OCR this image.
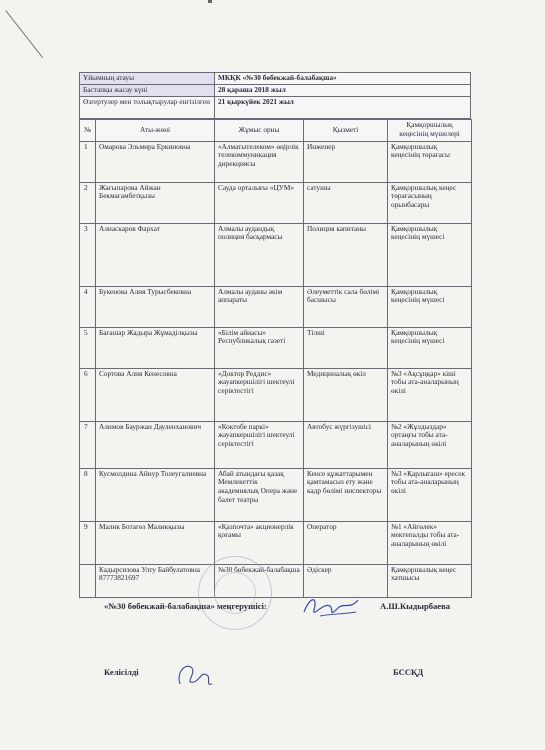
Ұйымның атауы	МКҚК «№30 бөбекжай-балабақша»
Бастапқы жасау күні	28 қараша 2018 жыл
Өзгертулер мен толықтырулар енгізілген	21 қыркүйек 2021 жыл
№	Аты-жөні	Жұмыс орны	Қызметі	Қамқоршылық кеңесінің мүшелері
1	Омарова Эльмира Еркиновна	«Алматытелеком» өңірлік телекоммуникация дирекциясы	Инженер	Қамқоршылық кеңесінің төрағасы
2	Жағыпарова Айжан Бекмағамбетқызы	Сауда орталығы «ЦУМ»	сатушы	Қамқоршылық кеңес төрағасының орынбасары
3	Алиаскаров Фархат	Алмалы аудандық полиция басқармасы	Полиция капитаны	Қамқоршылық кеңесінің мүшесі
4	Букенова Алия Турысбековна	Алмалы ауданы әкім аппараты	Әлеуметтік сала бөлімі басшысы	Қамқоршылық кеңесінің мүшесі
5	Бағашар Жадыра Жұмаділқызы	«Білім айнасы» Республикалық газеті	Тілші	Қамқоршылық кеңесінің мүшесі
6	Сортова Алия Кенесовна	«Доктор Реддис» жауапкершілігі шектеулі серіктестігі	Медициналық өкіл	№3 «Ақсұңқар» кіші тобы ата-аналарының өкілі
7	Алимов Бауржан Дауленханович	«Коктобе паркі» жауапкершілігі шектеулі серіктестігі	Автобус жүргізушісі	№2 «Жұлдыздар» ортаңғы тобы ата-аналарының өкілі
8	Кусмолдина Айнур Толеугалиевна	Абай атындағы қазақ Мемлекеттік академиялық Опера және балет театры	Кенсе құжаттарымен қамтамасыз ету және кадр бөлімі инспекторы	№3 «Қарлығаш» ересек тобы ата-аналарының өкілі
9	Малик Ботагөз Маликқызы	«Қазпочта» акционерлік қоғамы	Оператор	№1 «Айгөлек» мектепалды тобы ата-аналарының өкілі
	Кадырсизова Улту Байбулатовна 87773821697	№30 бөбекжай-балабақша	Әдіскер	Қамқоршылық кеңес хатшысы
«№30 бөбекжай-балабақша» меңгерушісі:	А.Ш.Кыдырбаева
Келісілді	БССҚД
